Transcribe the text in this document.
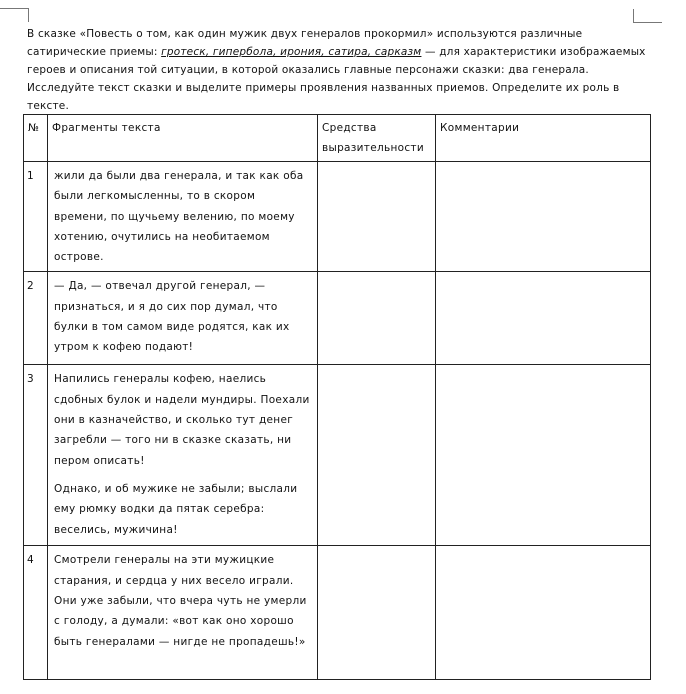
В сказке «Повесть о том, как один мужик двух генералов прокормил» используются различные сатирические приемы: гротеск, гипербола, ирония, сатира, сарказм — для характеристики изображаемых героев и описания той ситуации, в которой оказались главные персонажи сказки: два генерала. Исследуйте текст сказки и выделите примеры проявления названных приемов. Определите их роль в тексте.
№	Фрагменты текста	Средства выразительности	Комментарии
1	жили да были два генерала, и так как оба были легкомысленны, то в скором времени, по щучьему велению, по моему хотению, очутились на необитаемом острове.		

2	— Да, — отвечал другой генерал, — признаться, и я до сих пор думал, что булки в том самом виде родятся, как их утром к кофею подают!		

3	Напились генералы кофею, наелись сдобных булок и надели мундиры. Поехали они в казначейство, и сколько тут денег загребли — того ни в сказке сказать, ни пером описать!

Однако, и об мужике не забыли; выслали ему рюмку водки да пятак серебра: веселись, мужичина!		

4	Смотрели генералы на эти мужицкие старания, и сердца у них весело играли. Они уже забыли, что вчера чуть не умерли с голоду, а думали: «вот как оно хорошо быть генералами — нигде не пропадешь!»		
